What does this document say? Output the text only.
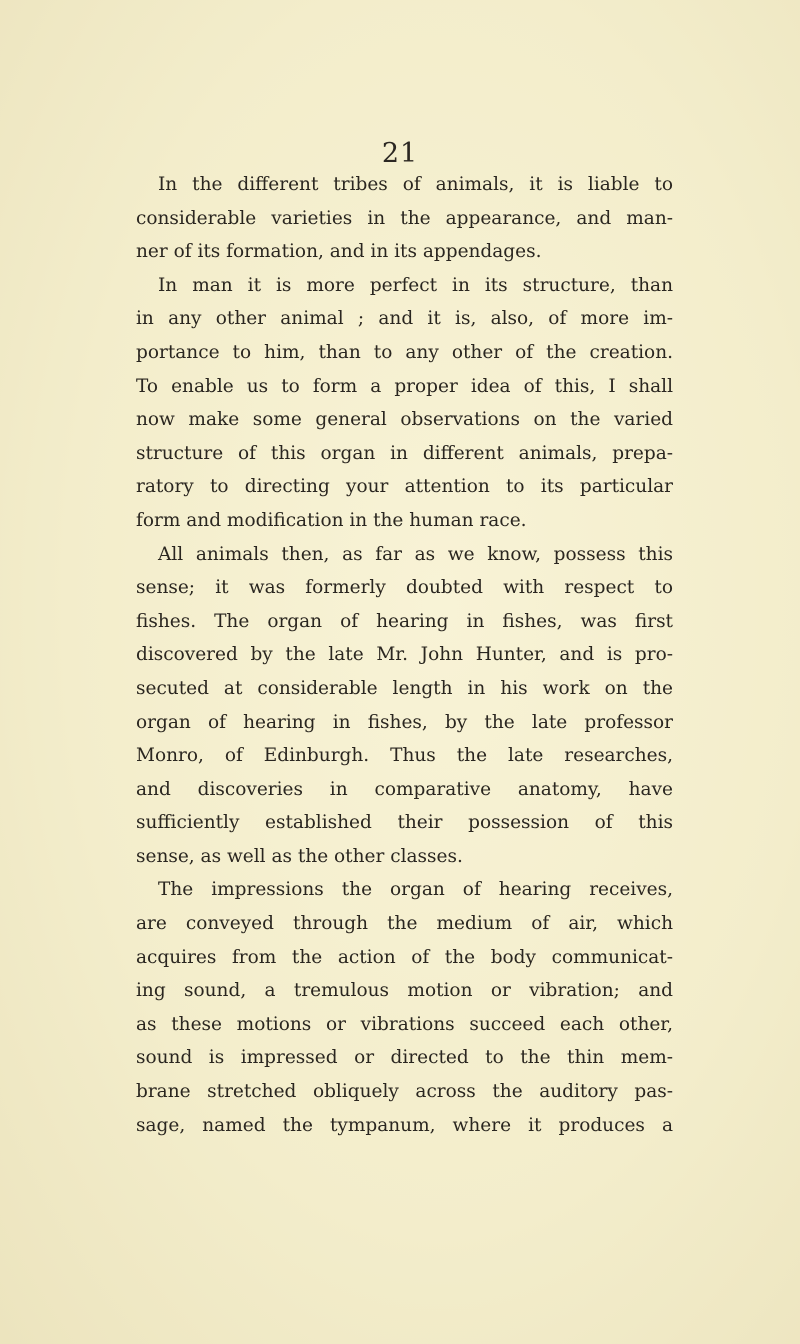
21
In the different tribes of animals, it is liable to
considerable varieties in the appearance, and man-
ner of its formation, and in its appendages.
In man it is more perfect in its structure, than
in any other animal ; and it is, also, of more im-
portance to him, than to any other of the creation.
To enable us to form a proper idea of this, I shall
now make some general observations on the varied
structure of this organ in different animals, prepa-
ratory to directing your attention to its particular
form and modification in the human race.
All animals then, as far as we know, possess this
sense; it was formerly doubted with respect to
fishes. The organ of hearing in fishes, was first
discovered by the late Mr. John Hunter, and is pro-
secuted at considerable length in his work on the
organ of hearing in fishes, by the late professor
Monro, of Edinburgh. Thus the late researches,
and discoveries in comparative anatomy, have
sufficiently established their possession of this
sense, as well as the other classes.
The impressions the organ of hearing receives,
are conveyed through the medium of air, which
acquires from the action of the body communicat-
ing sound, a tremulous motion or vibration; and
as these motions or vibrations succeed each other,
sound is impressed or directed to the thin mem-
brane stretched obliquely across the auditory pas-
sage, named the tympanum, where it produces a
